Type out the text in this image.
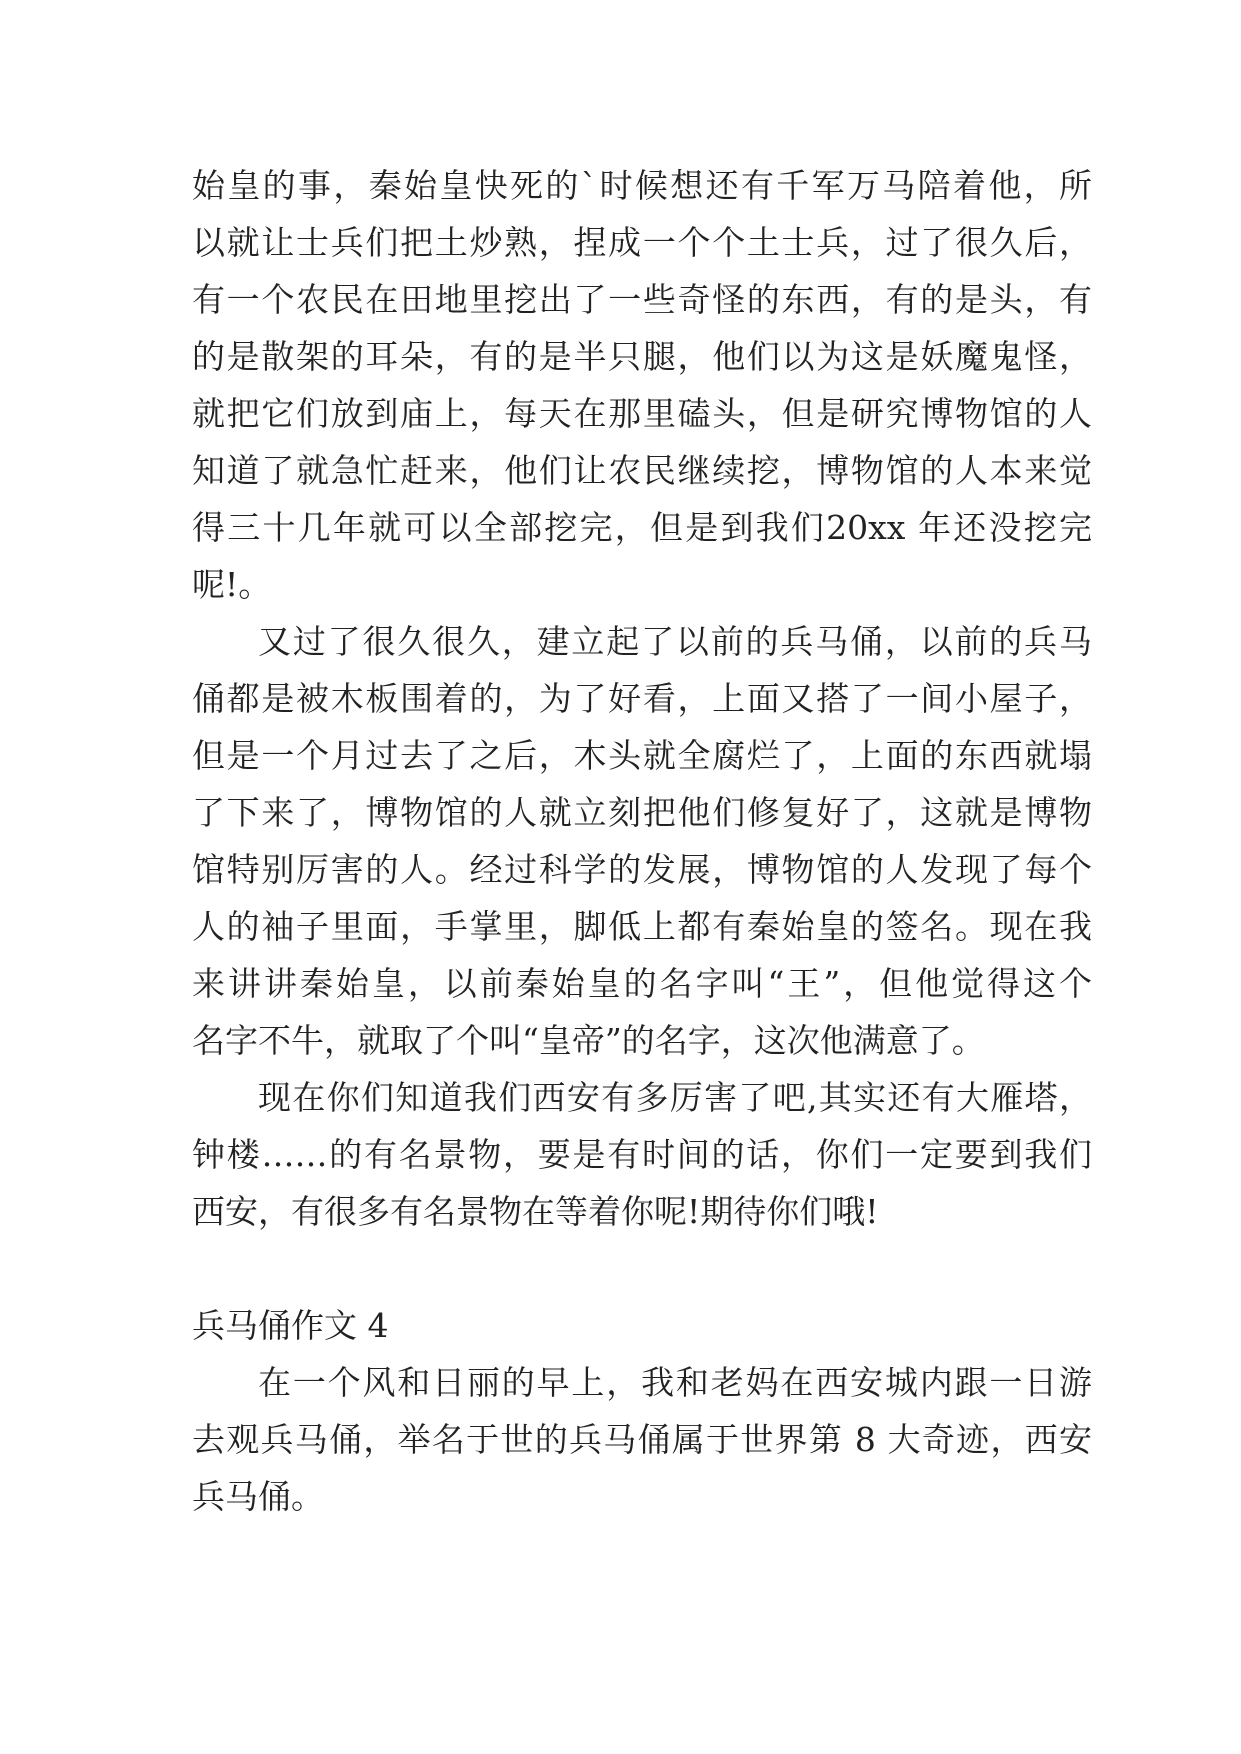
始皇的事，秦始皇快死的`时候想还有千军万马陪着他，所
以就让士兵们把土炒熟，捏成一个个土士兵，过了很久后，
有一个农民在田地里挖出了一些奇怪的东西，有的是头，有
的是散架的耳朵，有的是半只腿，他们以为这是妖魔鬼怪，
就把它们放到庙上，每天在那里磕头，但是研究博物馆的人
知道了就急忙赶来，他们让农民继续挖，博物馆的人本来觉
得三十几年就可以全部挖完，但是到我们20xx 年还没挖完
呢!。
又过了很久很久，建立起了以前的兵马俑，以前的兵马
俑都是被木板围着的，为了好看，上面又搭了一间小屋子，
但是一个月过去了之后，木头就全腐烂了，上面的东西就塌
了下来了，博物馆的人就立刻把他们修复好了，这就是博物
馆特别厉害的人。经过科学的发展，博物馆的人发现了每个
人的袖子里面，手掌里，脚低上都有秦始皇的签名。现在我
来讲讲秦始皇，以前秦始皇的名字叫“王”，但他觉得这个
名字不牛，就取了个叫“皇帝”的名字，这次他满意了。
现在你们知道我们西安有多厉害了吧,其实还有大雁塔，
钟楼……的有名景物，要是有时间的话，你们一定要到我们
西安，有很多有名景物在等着你呢!期待你们哦!
兵马俑作文 4
在一个风和日丽的早上，我和老妈在西安城内跟一日游
去观兵马俑，举名于世的兵马俑属于世界第 8 大奇迹，西安
兵马俑。
